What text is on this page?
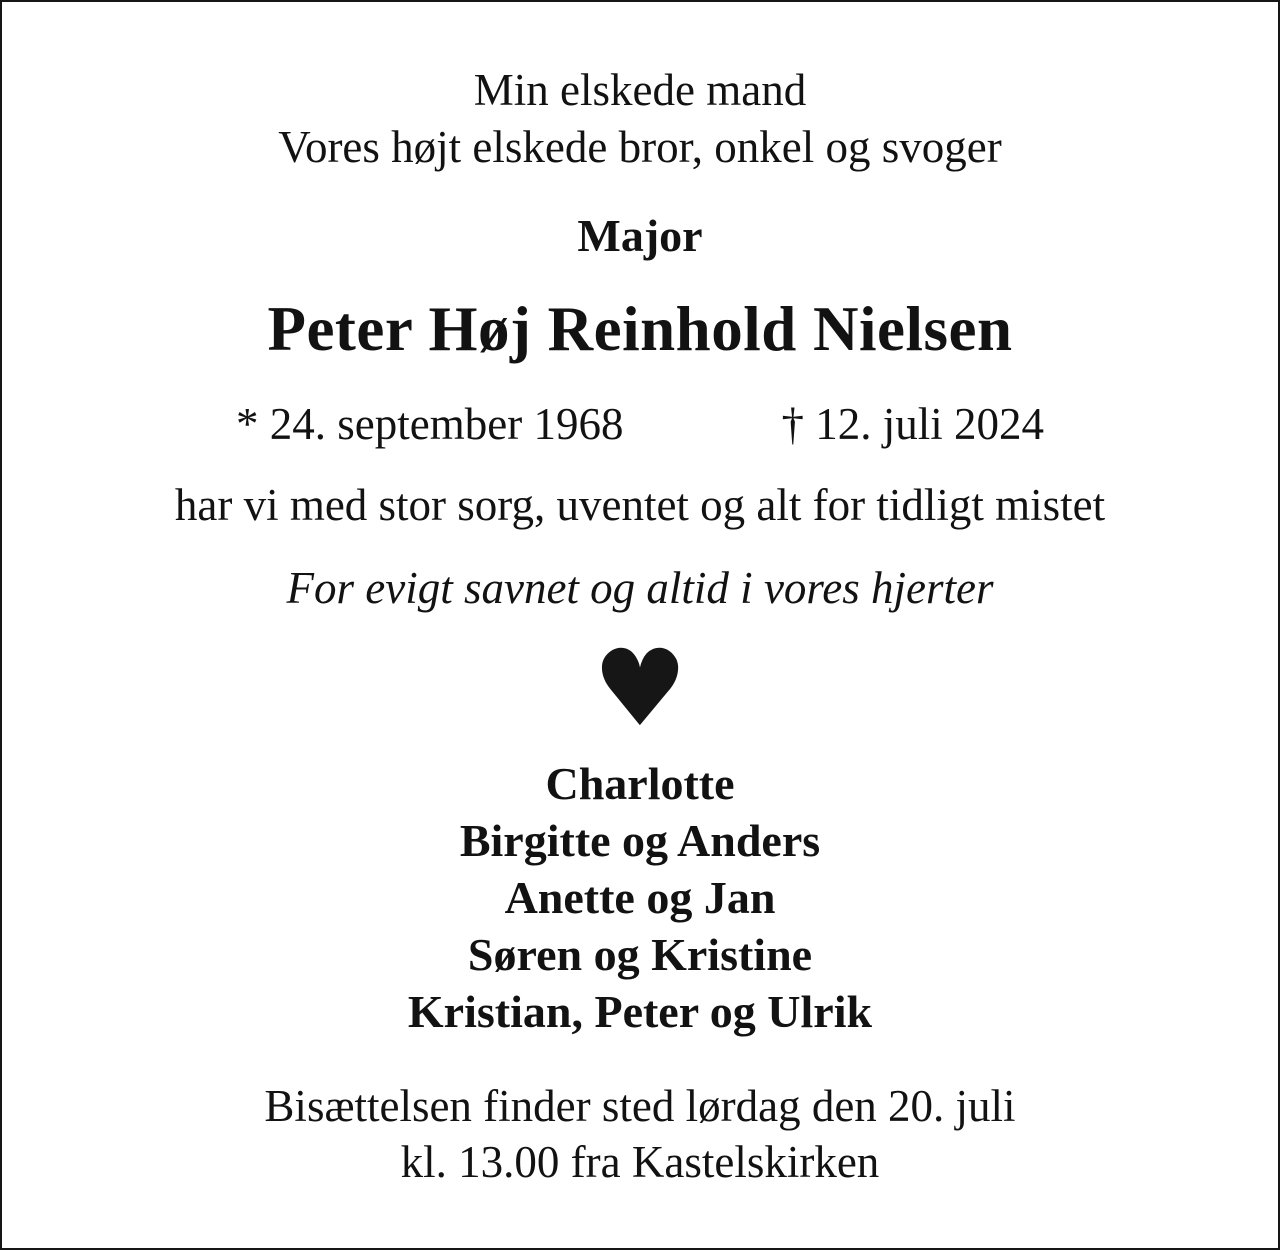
Min elskede mand
Vores højt elskede bror, onkel og svoger
Major
Peter Høj Reinhold Nielsen
* 24. september 1968	† 12. juli 2024
har vi med stor sorg, uventet og alt for tidligt mistet
For evigt savnet og altid i vores hjerter
♥
Charlotte
Birgitte og Anders
Anette og Jan
Søren og Kristine
Kristian, Peter og Ulrik
Bisættelsen finder sted lørdag den 20. juli
kl. 13.00 fra Kastelskirken
